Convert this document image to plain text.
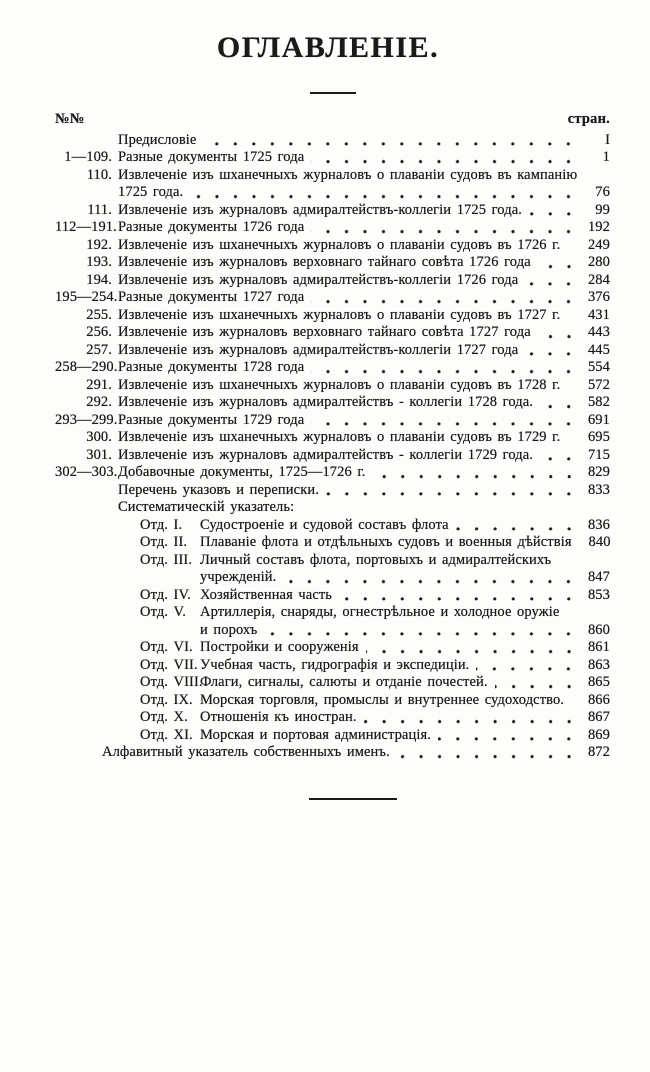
ОГЛАВЛЕНІЕ.
№№	стран.
Предисловіе	I
1—109. Разные документы 1725 года	1
110. Извлеченіе изъ шханечныхъ журналовъ о плаваніи судовъ въ кампанію
1725 года.	76
111. Извлеченіе изъ журналовъ адмиралтействъ-коллегіи 1725 года.	99
112—191. Разные документы 1726 года	192
192. Извлеченіе изъ шханечныхъ журналовъ о плаваніи судовъ въ 1726 г. 249
193. Извлеченіе изъ журналовъ верховнаго тайнаго совѣта 1726 года	280
194. Извлеченіе изъ журналовъ адмиралтействъ-коллегіи 1726 года	284
195—254. Разные документы 1727 года	376
255. Извлеченіе изъ шханечныхъ журналовъ о плаваніи судовъ въ 1727 г. 431
256. Извлеченіе изъ журналовъ верховнаго тайнаго совѣта 1727 года	443
257. Извлеченіе изъ журналовъ адмиралтействъ-коллегіи 1727 года	445
258—290. Разные документы 1728 года	554
291. Извлеченіе изъ шханечныхъ журналовъ о плаваніи судовъ въ 1728 г. 572
292. Извлеченіе изъ журналовъ адмиралтействъ - коллегіи 1728 года.	582
293—299. Разные документы 1729 года	691
300. Извлеченіе изъ шханечныхъ журналовъ о плаваніи судовъ въ 1729 г. 695
301. Извлеченіе изъ журналовъ адмиралтействъ - коллегіи 1729 года.	715
302—303. Добавочные документы, 1725—1726 г.	829
Перечень указовъ и переписки.	833
Систематическій указатель:
Отд. I.	Судостроеніе и судовой составъ флота	836
Отд. II. Плаваніе флота и отдѣльныхъ судовъ и военныя дѣйствія 840
Отд. III. Личный составъ флота, портовыхъ и адмиралтейскихъ
учрежденій.	847
Отд. IV. Хозяйственная часть	853
Отд. V. Артиллерія, снаряды, огнестрѣльное и холодное оружіе
и порохъ	860
Отд. VI. Постройки и сооруженія	861
Отд. VII. Учебная часть, гидрографія и экспедиціи.	863
Отд. VIII.
Флаги, сигналы, салюты и отданіе почестей.	865
Отд. IX. Морская торговля, промыслы и внутреннее судоходство. 866
Отд. X. Отношенія къ иностран.	867
Отд. XI. Морская и портовая администрація.	869
Алфавитный указатель собственныхъ именъ.	872
